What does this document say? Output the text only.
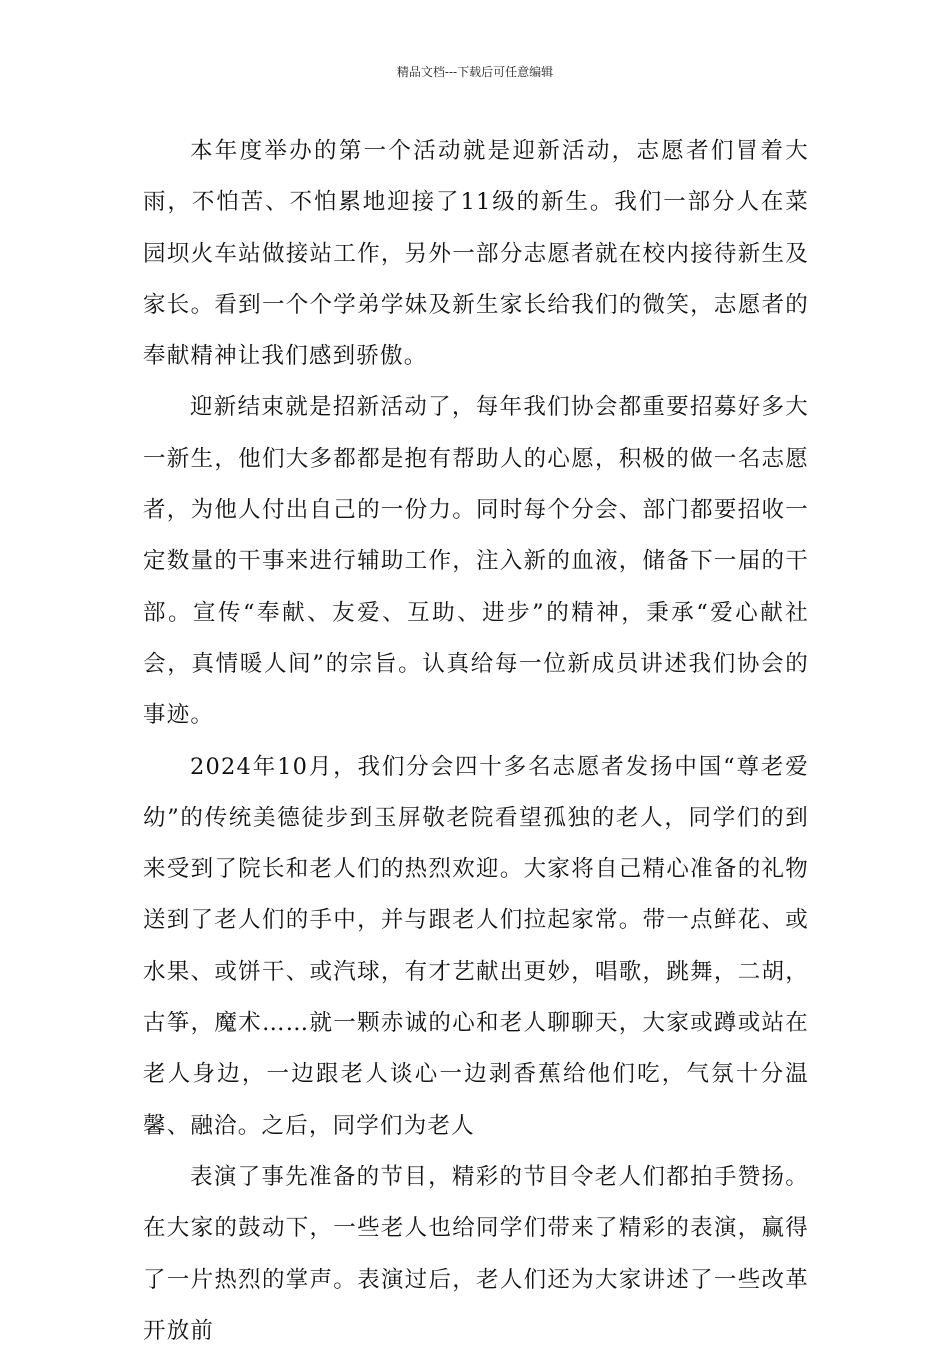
精品文档---下载后可任意编辑

本年度举办的第一个活动就是迎新活动，志愿者们冒着大雨，不怕苦、不怕累地迎接了11级的新生。我们一部分人在菜园坝火车站做接站工作，另外一部分志愿者就在校内接待新生及家长。看到一个个学弟学妹及新生家长给我们的微笑，志愿者的奉献精神让我们感到骄傲。

迎新结束就是招新活动了，每年我们协会都重要招募好多大一新生，他们大多都都是抱有帮助人的心愿，积极的做一名志愿者，为他人付出自己的一份力。同时每个分会、部门都要招收一定数量的干事来进行辅助工作，注入新的血液，储备下一届的干部。宣传“奉献、友爱、互助、进步”的精神，秉承“爱心献社会，真情暖人间”的宗旨。认真给每一位新成员讲述我们协会的事迹。

2024年10月，我们分会四十多名志愿者发扬中国“尊老爱幼”的传统美德徒步到玉屏敬老院看望孤独的老人，同学们的到来受到了院长和老人们的热烈欢迎。大家将自己精心准备的礼物送到了老人们的手中，并与跟老人们拉起家常。带一点鲜花、或水果、或饼干、或汽球，有才艺献出更妙，唱歌，跳舞，二胡，古筝，魔术……就一颗赤诚的心和老人聊聊天，大家或蹲或站在老人身边，一边跟老人谈心一边剥香蕉给他们吃，气氛十分温馨、融洽。之后，同学们为老人

表演了事先准备的节目，精彩的节目令老人们都拍手赞扬。在大家的鼓动下，一些老人也给同学们带来了精彩的表演，赢得了一片热烈的掌声。表演过后，老人们还为大家讲述了一些改革开放前
